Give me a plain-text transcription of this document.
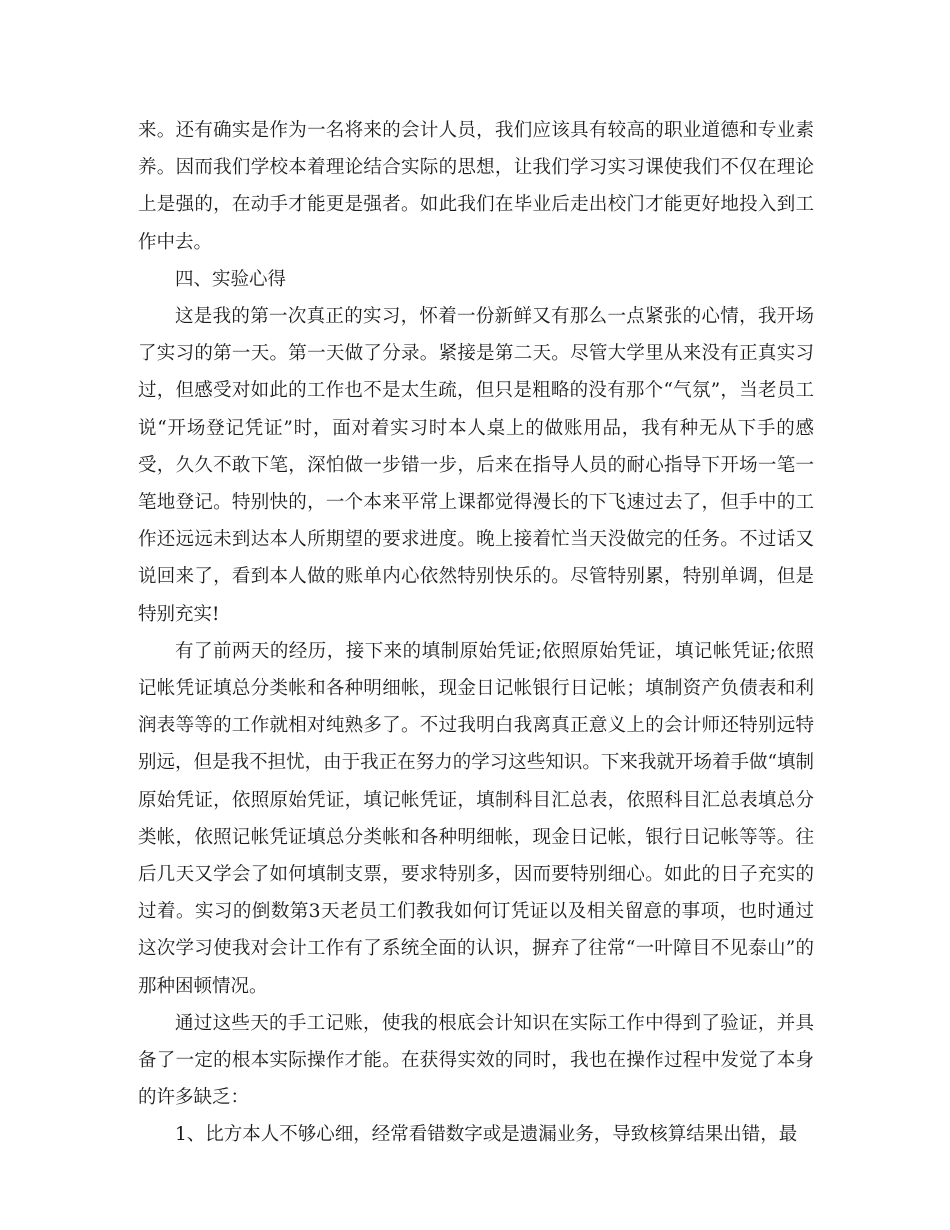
来。还有确实是作为一名将来的会计人员，我们应该具有较高的职业道德和专业素养。因而我们学校本着理论结合实际的思想，让我们学习实习课使我们不仅在理论上是强的，在动手才能更是强者。如此我们在毕业后走出校门才能更好地投入到工作中去。

四、实验心得

这是我的第一次真正的实习，怀着一份新鲜又有那么一点紧张的心情，我开场了实习的第一天。第一天做了分录。紧接是第二天。尽管大学里从来没有正真实习过，但感受对如此的工作也不是太生疏，但只是粗略的没有那个“气氛”，当老员工说“开场登记凭证”时，面对着实习时本人桌上的做账用品，我有种无从下手的感受，久久不敢下笔，深怕做一步错一步，后来在指导人员的耐心指导下开场一笔一笔地登记。特别快的，一个本来平常上课都觉得漫长的下飞速过去了，但手中的工作还远远未到达本人所期望的要求进度。晚上接着忙当天没做完的任务。不过话又说回来了，看到本人做的账单内心依然特别快乐的。尽管特别累，特别单调，但是特别充实!

有了前两天的经历，接下来的填制原始凭证;依照原始凭证，填记帐凭证;依照记帐凭证填总分类帐和各种明细帐，现金日记帐银行日记帐；填制资产负债表和利润表等等的工作就相对纯熟多了。不过我明白我离真正意义上的会计师还特别远特别远，但是我不担忧，由于我正在努力的学习这些知识。下来我就开场着手做“填制原始凭证，依照原始凭证，填记帐凭证，填制科目汇总表，依照科目汇总表填总分类帐，依照记帐凭证填总分类帐和各种明细帐，现金日记帐，银行日记帐等等。往后几天又学会了如何填制支票，要求特别多，因而要特别细心。如此的日子充实的过着。实习的倒数第3天老员工们教我如何订凭证以及相关留意的事项，也时通过这次学习使我对会计工作有了系统全面的认识，摒弃了往常“一叶障目不见泰山”的那种困顿情况。

通过这些天的手工记账，使我的根底会计知识在实际工作中得到了验证，并具备了一定的根本实际操作才能。在获得实效的同时，我也在操作过程中发觉了本身的许多缺乏：

1、比方本人不够心细，经常看错数字或是遗漏业务，导致核算结果出错，最
